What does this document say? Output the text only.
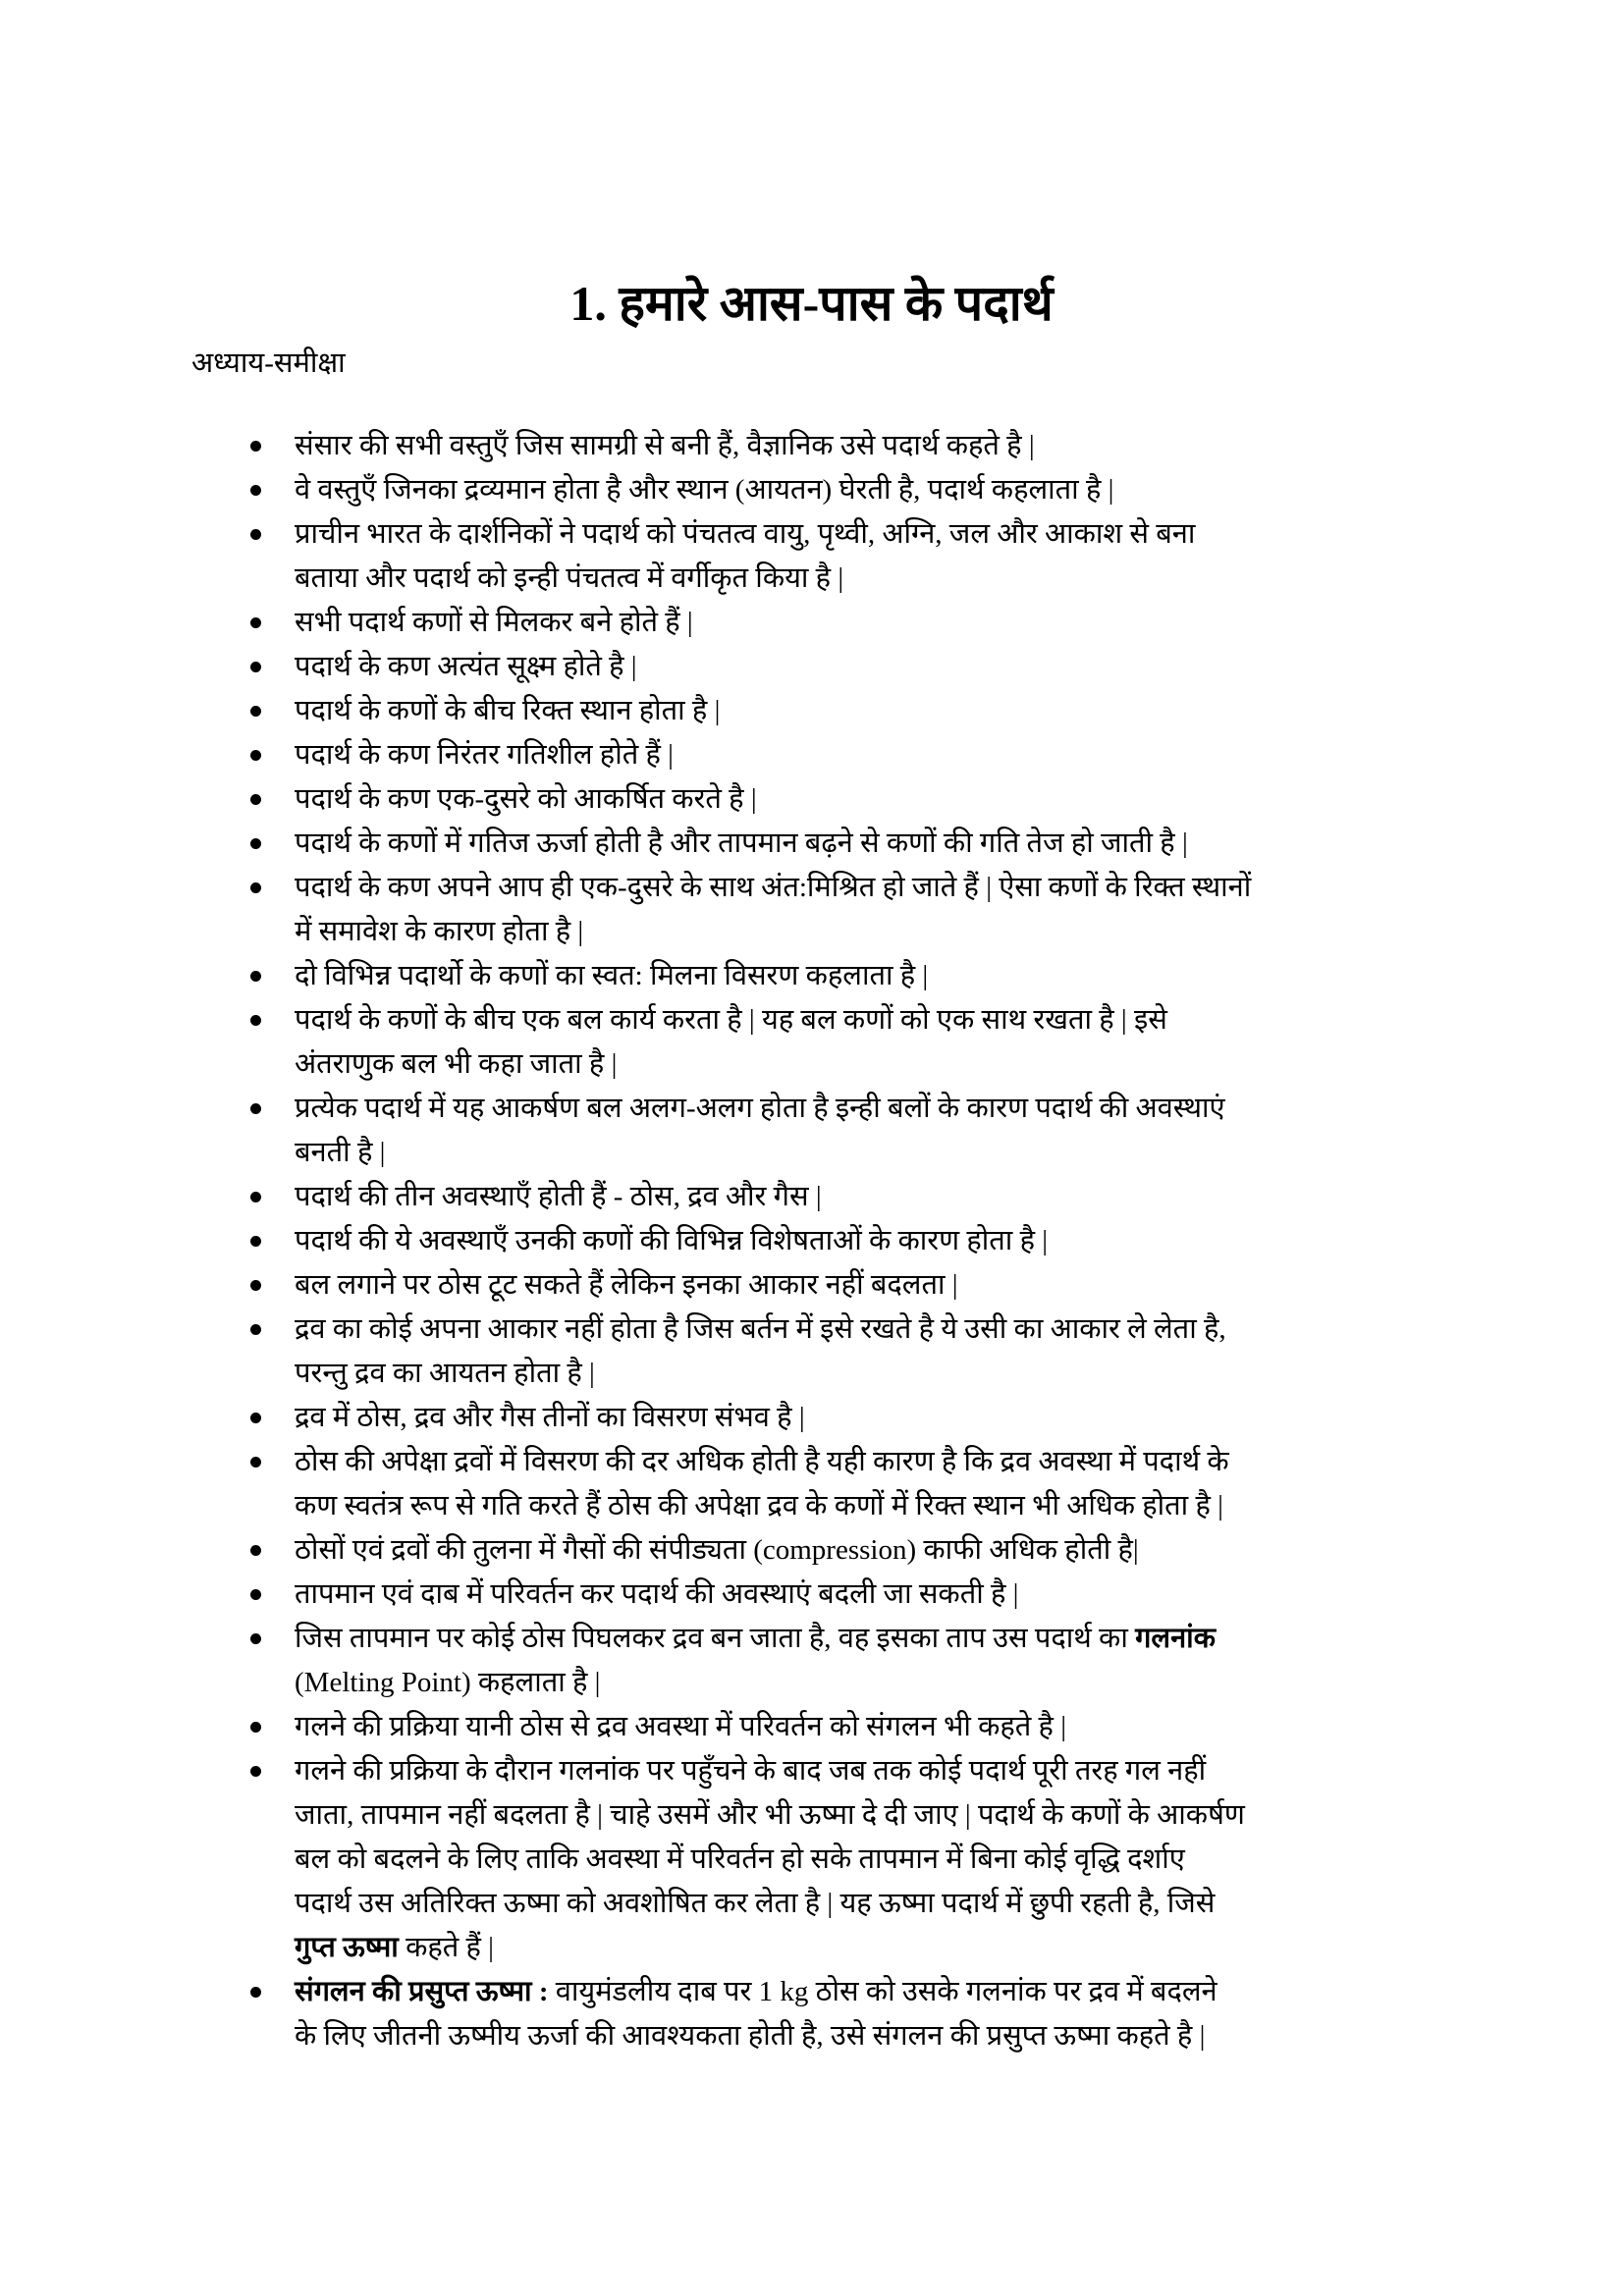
1. हमारे आस-पास के पदार्थ
अध्याय-समीक्षा
संसार की सभी वस्तुएँ जिस सामग्री से बनी हैं, वैज्ञानिक उसे पदार्थ कहते है |
वे वस्तुएँ जिनका द्रव्यमान होता है और स्थान (आयतन) घेरती है, पदार्थ कहलाता है |
प्राचीन भारत के दार्शनिकों ने पदार्थ को पंचतत्व वायु, पृथ्वी, अग्नि, जल और आकाश से बना
बताया और पदार्थ को इन्ही पंचतत्व में वर्गीकृत किया है |
सभी पदार्थ कणों से मिलकर बने होते हैं |
पदार्थ के कण अत्यंत सूक्ष्म होते है |
पदार्थ के कणों के बीच रिक्त स्थान होता है |
पदार्थ के कण निरंतर गतिशील होते हैं |
पदार्थ के कण एक-दुसरे को आकर्षित करते है |
पदार्थ के कणों में गतिज ऊर्जा होती है और तापमान बढ़ने से कणों की गति तेज हो जाती है |
पदार्थ के कण अपने आप ही एक-दुसरे के साथ अंत:मिश्रित हो जाते हैं | ऐसा कणों के रिक्त स्थानों
में समावेश के कारण होता है |
दो विभिन्न पदार्थो के कणों का स्वत: मिलना विसरण कहलाता है |
पदार्थ के कणों के बीच एक बल कार्य करता है | यह बल कणों को एक साथ रखता है | इसे
अंतराणुक बल भी कहा जाता है |
प्रत्येक पदार्थ में यह आकर्षण बल अलग-अलग होता है इन्ही बलों के कारण पदार्थ की अवस्थाएं
बनती है |
पदार्थ की तीन अवस्थाएँ होती हैं - ठोस, द्रव और गैस |
पदार्थ की ये अवस्थाएँ उनकी कणों की विभिन्न विशेषताओं के कारण होता है |
बल लगाने पर ठोस टूट सकते हैं लेकिन इनका आकार नहीं बदलता |
द्रव का कोई अपना आकार नहीं होता है जिस बर्तन में इसे रखते है ये उसी का आकार ले लेता है,
परन्तु द्रव का आयतन होता है |
द्रव में ठोस, द्रव और गैस तीनों का विसरण संभव है |
ठोस की अपेक्षा द्रवों में विसरण की दर अधिक होती है यही कारण है कि द्रव अवस्था में पदार्थ के
कण स्वतंत्र रूप से गति करते हैं ठोस की अपेक्षा द्रव के कणों में रिक्त स्थान भी अधिक होता है |
ठोसों एवं द्रवों की तुलना में गैसों की संपीड्यता (compression) काफी अधिक होती है|
तापमान एवं दाब में परिवर्तन कर पदार्थ की अवस्थाएं बदली जा सकती है |
जिस तापमान पर कोई ठोस पिघलकर द्रव बन जाता है, वह इसका ताप उस पदार्थ का गलनांक
(Melting Point) कहलाता है |
गलने की प्रक्रिया यानी ठोस से द्रव अवस्था में परिवर्तन को संगलन भी कहते है |
गलने की प्रक्रिया के दौरान गलनांक पर पहुँचने के बाद जब तक कोई पदार्थ पूरी तरह गल नहीं
जाता, तापमान नहीं बदलता है | चाहे उसमें और भी ऊष्मा दे दी जाए | पदार्थ के कणों के आकर्षण
बल को बदलने के लिए ताकि अवस्था में परिवर्तन हो सके तापमान में बिना कोई वृद्धि दर्शाए
पदार्थ उस अतिरिक्त ऊष्मा को अवशोषित कर लेता है | यह ऊष्मा पदार्थ में छुपी रहती है, जिसे
गुप्त ऊष्मा कहते हैं |
संगलन की प्रसुप्त ऊष्मा : वायुमंडलीय दाब पर 1 kg ठोस को उसके गलनांक पर द्रव में बदलने
के लिए जीतनी ऊष्मीय ऊर्जा की आवश्यकता होती है, उसे संगलन की प्रसुप्त ऊष्मा कहते है |
